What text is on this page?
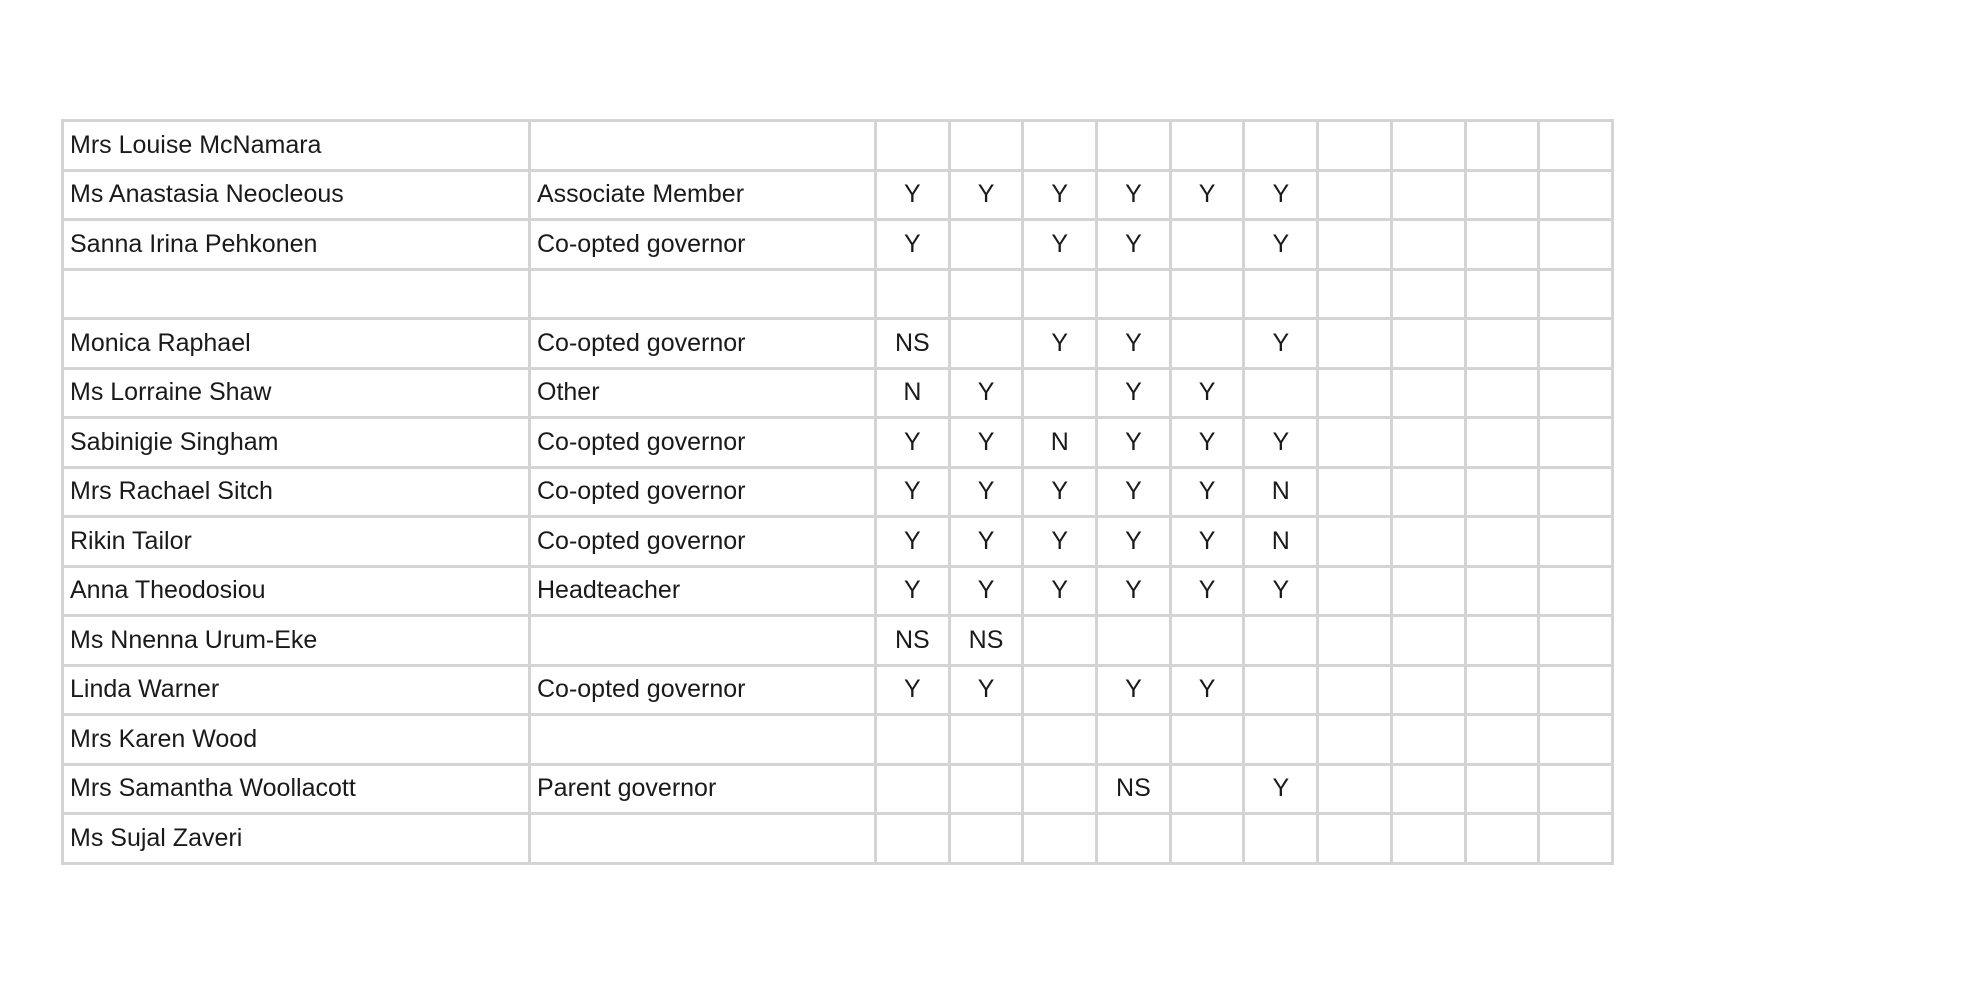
Mrs Louise McNamara											
Ms Anastasia Neocleous	Associate Member	Y	Y	Y	Y	Y	Y				
Sanna Irina Pehkonen	Co-opted governor	Y		Y	Y		Y				

Monica Raphael	Co-opted governor	NS		Y	Y		Y				
Ms Lorraine Shaw	Other	N	Y		Y	Y					
Sabinigie Singham	Co-opted governor	Y	Y	N	Y	Y	Y				
Mrs Rachael Sitch	Co-opted governor	Y	Y	Y	Y	Y	N				
Rikin Tailor	Co-opted governor	Y	Y	Y	Y	Y	N				
Anna Theodosiou	Headteacher	Y	Y	Y	Y	Y	Y				
Ms Nnenna Urum-Eke		NS	NS								
Linda Warner	Co-opted governor	Y	Y		Y	Y					
Mrs Karen Wood											
Mrs Samantha Woollacott	Parent governor				NS		Y				
Ms Sujal Zaveri											
